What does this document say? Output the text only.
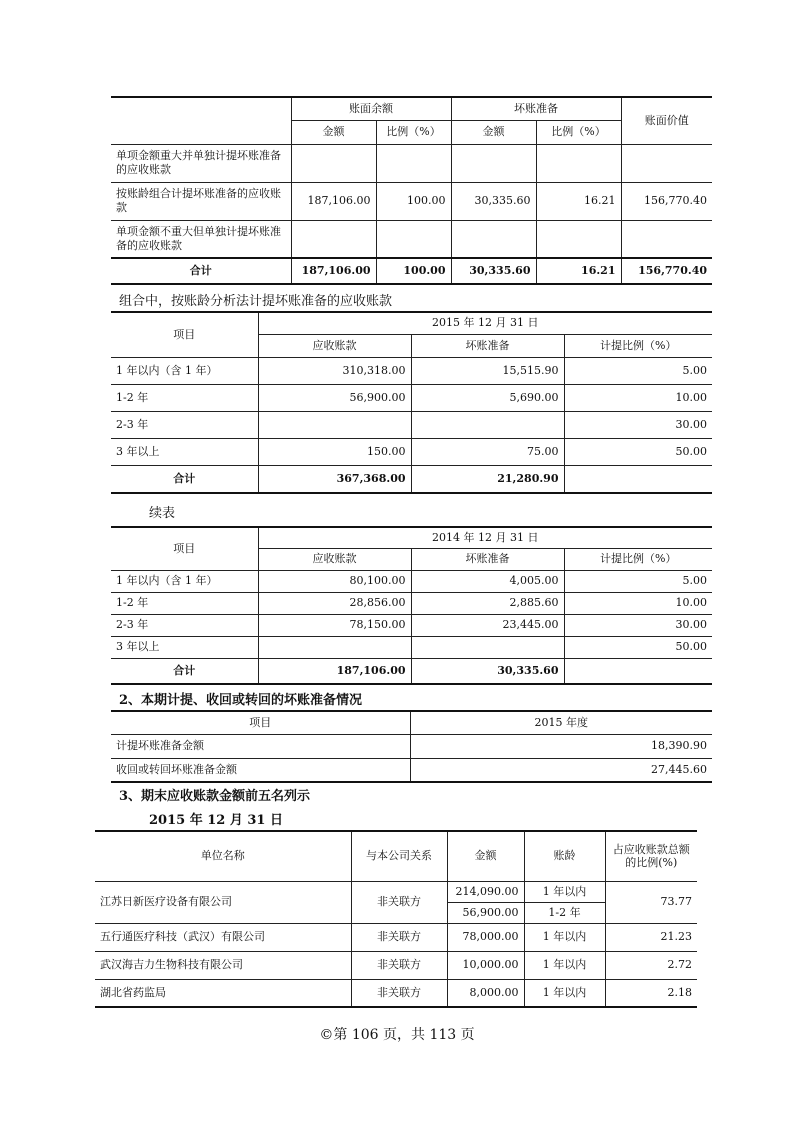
	账面余额		坏账准备		账面价值
	金额	比例（%）	金额	比例（%）	
单项金额重大并单独计提坏账准备的应收账款					
按账龄组合计提坏账准备的应收账款	187,106.00	100.00	30,335.60	16.21	156,770.40
单项金额不重大但单独计提坏账准备的应收账款					
合计	187,106.00	100.00	30,335.60	16.21	156,770.40
组合中，按账龄分析法计提坏账准备的应收账款
项目	2015 年 12 月 31 日		
	应收账款	坏账准备	计提比例（%）
1 年以内（含 1 年）	310,318.00	15,515.90	5.00
1-2 年	56,900.00	5,690.00	10.00
2-3 年			30.00
3 年以上	150.00	75.00	50.00
合计	367,368.00	21,280.90	
续表
项目	2014 年 12 月 31 日		
	应收账款	坏账准备	计提比例（%）
1 年以内（含 1 年）	80,100.00	4,005.00	5.00
1-2 年	28,856.00	2,885.60	10.00
2-3 年	78,150.00	23,445.00	30.00
3 年以上			50.00
合计	187,106.00	30,335.60	
2、本期计提、收回或转回的坏账准备情况
项目	2015 年度
计提坏账准备金额	18,390.90
收回或转回坏账准备金额	27,445.60
3、期末应收账款金额前五名列示
2015 年 12 月 31 日
单位名称	与本公司关系	金额	账龄	占应收账款总额的比例(%)
江苏日新医疗设备有限公司	非关联方	214,090.00	1 年以内	73.77
		56,900.00	1-2 年	
五行通医疗科技（武汉）有限公司	非关联方	78,000.00	1 年以内	21.23
武汉海吉力生物科技有限公司	非关联方	10,000.00	1 年以内	2.72
湖北省药监局	非关联方	8,000.00	1 年以内	2.18
©第 106 页，共 113 页
